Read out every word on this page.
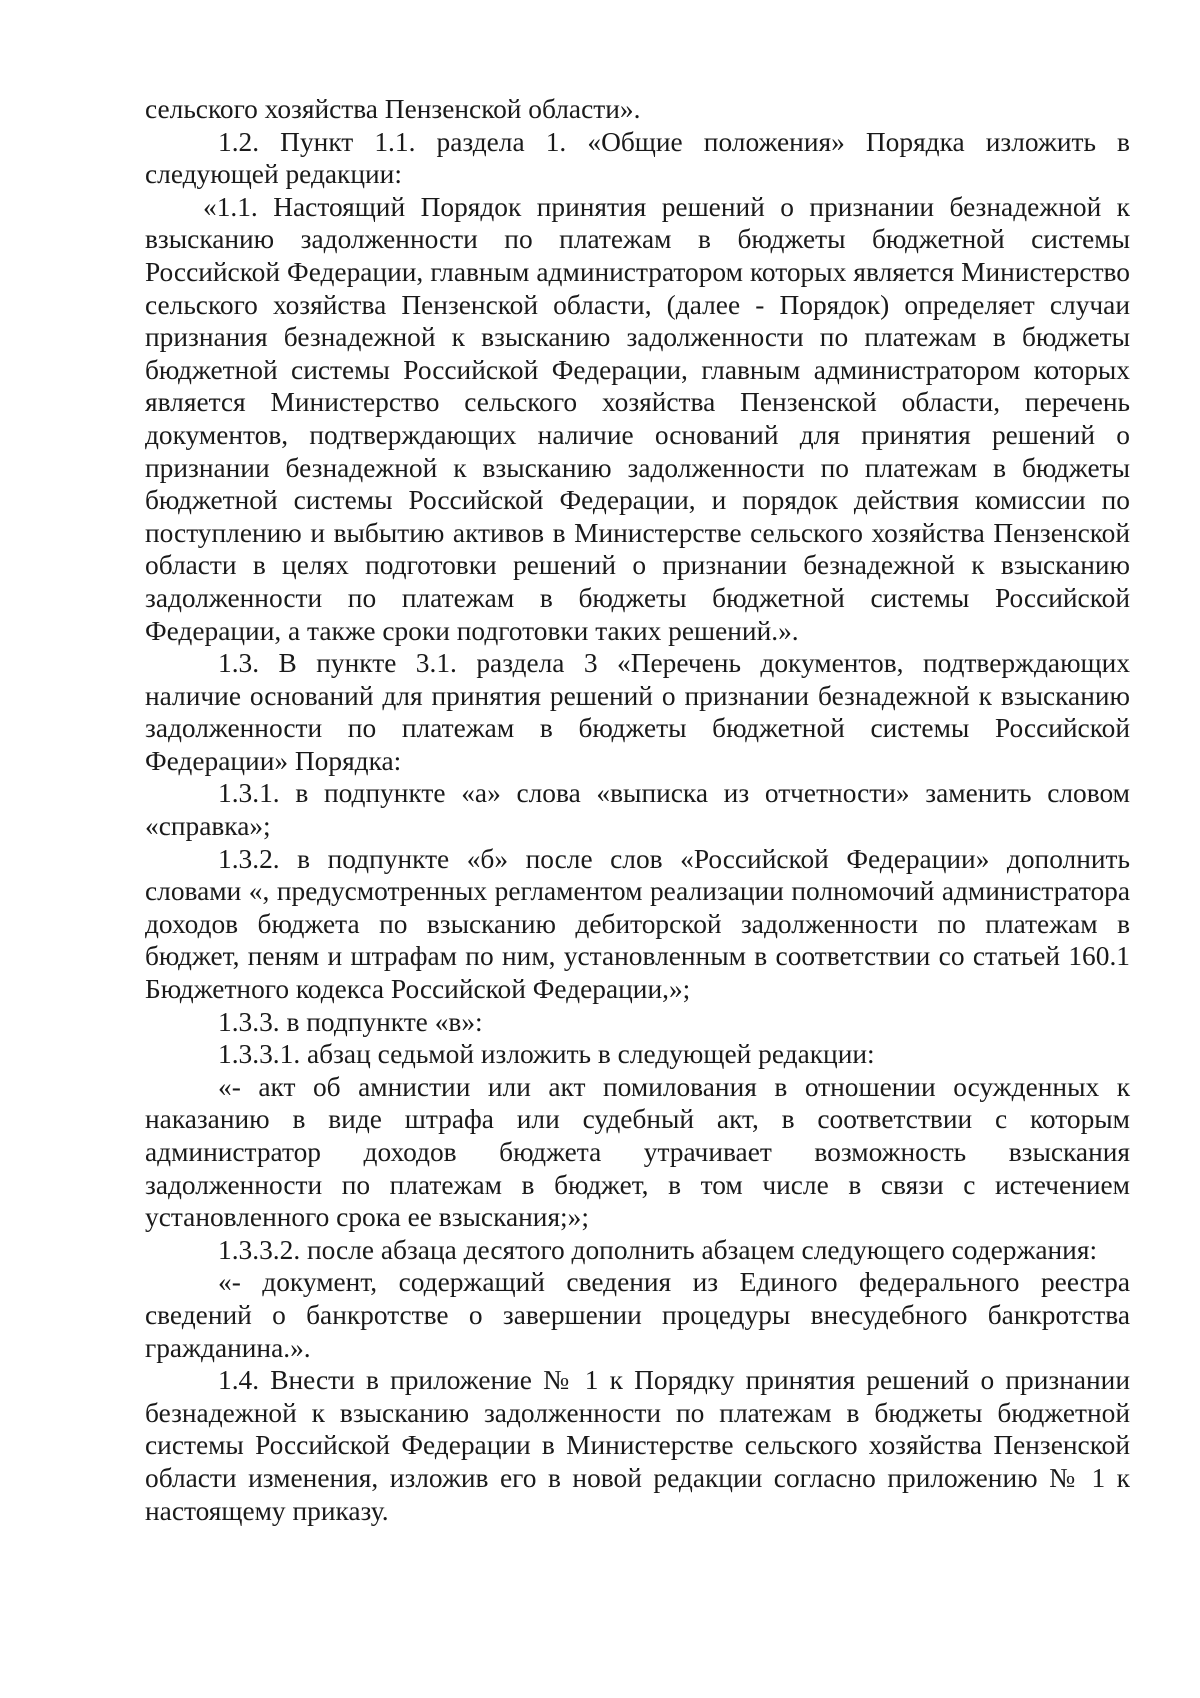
сельского хозяйства Пензенской области».

1.2. Пункт 1.1. раздела 1. «Общие положения» Порядка изложить в следующей редакции:

«1.1. Настоящий Порядок принятия решений о признании безнадежной к взысканию задолженности по платежам в бюджеты бюджетной системы Российской Федерации, главным администратором которых является Министерство сельского хозяйства Пензенской области, (далее - Порядок) определяет случаи признания безнадежной к взысканию задолженности по платежам в бюджеты бюджетной системы Российской Федерации, главным администратором которых является Министерство сельского хозяйства Пензенской области, перечень документов, подтверждающих наличие оснований для принятия решений о признании безнадежной к взысканию задолженности по платежам в бюджеты бюджетной системы Российской Федерации, и порядок действия комиссии по поступлению и выбытию активов в Министерстве сельского хозяйства Пензенской области в целях подготовки решений о признании безнадежной к взысканию задолженности по платежам в бюджеты бюджетной системы Российской Федерации, а также сроки подготовки таких решений.».

1.3. В пункте 3.1. раздела 3 «Перечень документов, подтверждающих наличие оснований для принятия решений о признании безнадежной к взысканию задолженности по платежам в бюджеты бюджетной системы Российской Федерации» Порядка:

1.3.1. в подпункте «а» слова «выписка из отчетности» заменить словом «справка»;

1.3.2. в подпункте «б» после слов «Российской Федерации» дополнить словами «, предусмотренных регламентом реализации полномочий администратора доходов бюджета по взысканию дебиторской задолженности по платежам в бюджет, пеням и штрафам по ним, установленным в соответствии со статьей 160.1 Бюджетного кодекса Российской Федерации,»;

1.3.3. в подпункте «в»:

1.3.3.1. абзац седьмой изложить в следующей редакции:

«- акт об амнистии или акт помилования в отношении осужденных к наказанию в виде штрафа или судебный акт, в соответствии с которым администратор доходов бюджета утрачивает возможность взыскания задолженности по платежам в бюджет, в том числе в связи с истечением установленного срока ее взыскания;»;

1.3.3.2. после абзаца десятого дополнить абзацем следующего содержания:

«- документ, содержащий сведения из Единого федерального реестра сведений о банкротстве о завершении процедуры внесудебного банкротства гражданина.».

1.4. Внести в приложение № 1 к Порядку принятия решений о признании безнадежной к взысканию задолженности по платежам в бюджеты бюджетной системы Российской Федерации в Министерстве сельского хозяйства Пензенской области изменения, изложив его в новой редакции согласно приложению № 1 к настоящему приказу.
